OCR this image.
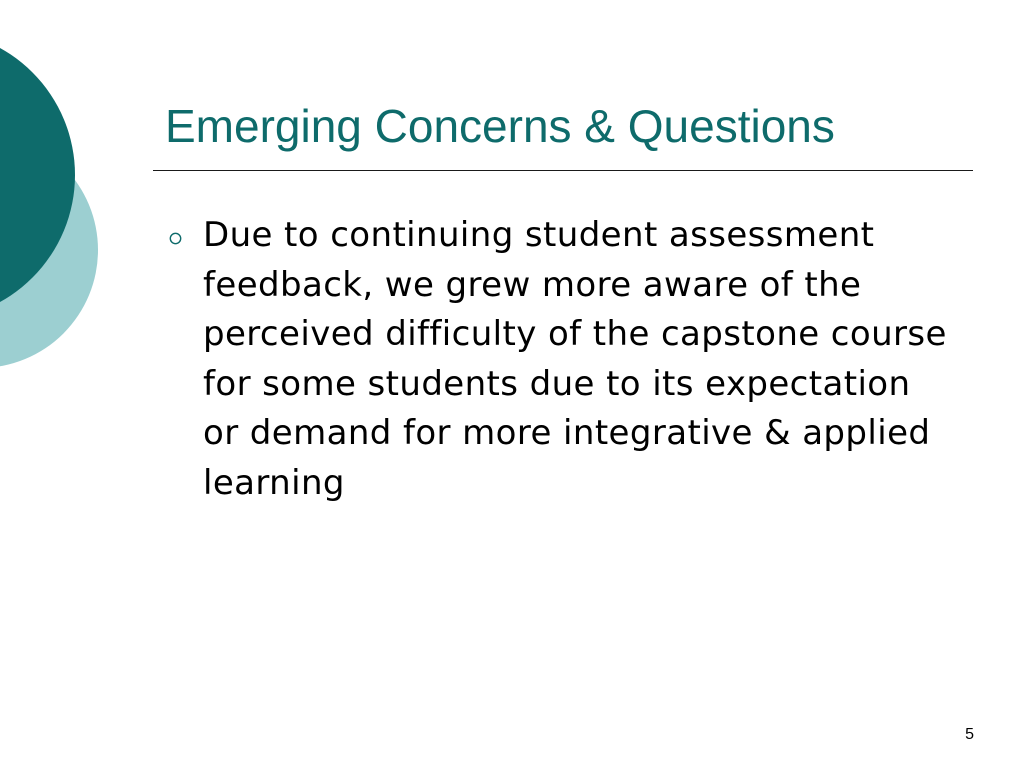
Emerging Concerns & Questions
Due to continuing student assessment feedback, we grew more aware of the perceived difficulty of the capstone course for some students due to its expectation or demand for more integrative & applied learning
5
